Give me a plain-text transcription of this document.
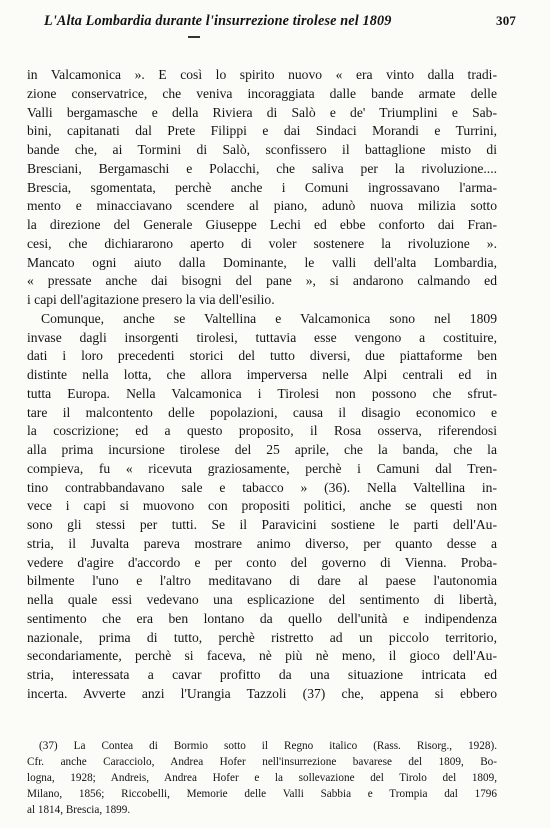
L'Alta Lombardia durante l'insurrezione tirolese nel 1809	307
in Valcamonica ». E così lo spirito nuovo « era vinto dalla tradi-
zione conservatrice, che veniva incoraggiata dalle bande armate delle
Valli bergamasche e della Riviera di Salò e de' Triumplini e Sab-
bini, capitanati dal Prete Filippi e dai Sindaci Morandi e Turrini,
bande che, ai Tormini di Salò, sconfissero il battaglione misto di
Bresciani, Bergamaschi e Polacchi, che saliva per la rivoluzione....
Brescia, sgomentata, perchè anche i Comuni ingrossavano l'arma-
mento e minacciavano scendere al piano, adunò nuova milizia sotto
la direzione del Generale Giuseppe Lechi ed ebbe conforto dai Fran-
cesi, che dichiararono aperto di voler sostenere la rivoluzione ».
Mancato ogni aiuto dalla Dominante, le valli dell'alta Lombardia,
« pressate anche dai bisogni del pane », si andarono calmando ed
i capi dell'agitazione presero la via dell'esilio.
Comunque, anche se Valtellina e Valcamonica sono nel 1809
invase dagli insorgenti tirolesi, tuttavia esse vengono a costituire,
dati i loro precedenti storici del tutto diversi, due piattaforme ben
distinte nella lotta, che allora imperversa nelle Alpi centrali ed in
tutta Europa. Nella Valcamonica i Tirolesi non possono che sfrut-
tare il malcontento delle popolazioni, causa il disagio economico e
la coscrizione; ed a questo proposito, il Rosa osserva, riferendosi
alla prima incursione tirolese del 25 aprile, che la banda, che la
compieva, fu « ricevuta graziosamente, perchè i Camuni dal Tren-
tino contrabbandavano sale e tabacco » (36). Nella Valtellina in-
vece i capi si muovono con propositi politici, anche se questi non
sono gli stessi per tutti. Se il Paravicini sostiene le parti dell'Au-
stria, il Juvalta pareva mostrare animo diverso, per quanto desse a
vedere d'agire d'accordo e per conto del governo di Vienna. Proba-
bilmente l'uno e l'altro meditavano di dare al paese l'autonomia
nella quale essi vedevano una esplicazione del sentimento di libertà,
sentimento che era ben lontano da quello dell'unità e indipendenza
nazionale, prima di tutto, perchè ristretto ad un piccolo territorio,
secondariamente, perchè si faceva, nè più nè meno, il gioco dell'Au-
stria, interessata a cavar profitto da una situazione intricata ed
incerta. Avverte anzi l'Urangia Tazzoli (37) che, appena si ebbero
(37) La Contea di Bormio sotto il Regno italico (Rass. Risorg., 1928).
Cfr. anche Caracciolo, Andrea Hofer nell'insurrezione bavarese del 1809, Bo-
logna, 1928; Andreis, Andrea Hofer e la sollevazione del Tirolo del 1809,
Milano, 1856; Riccobelli, Memorie delle Valli Sabbia e Trompia dal 1796
al 1814, Brescia, 1899.
